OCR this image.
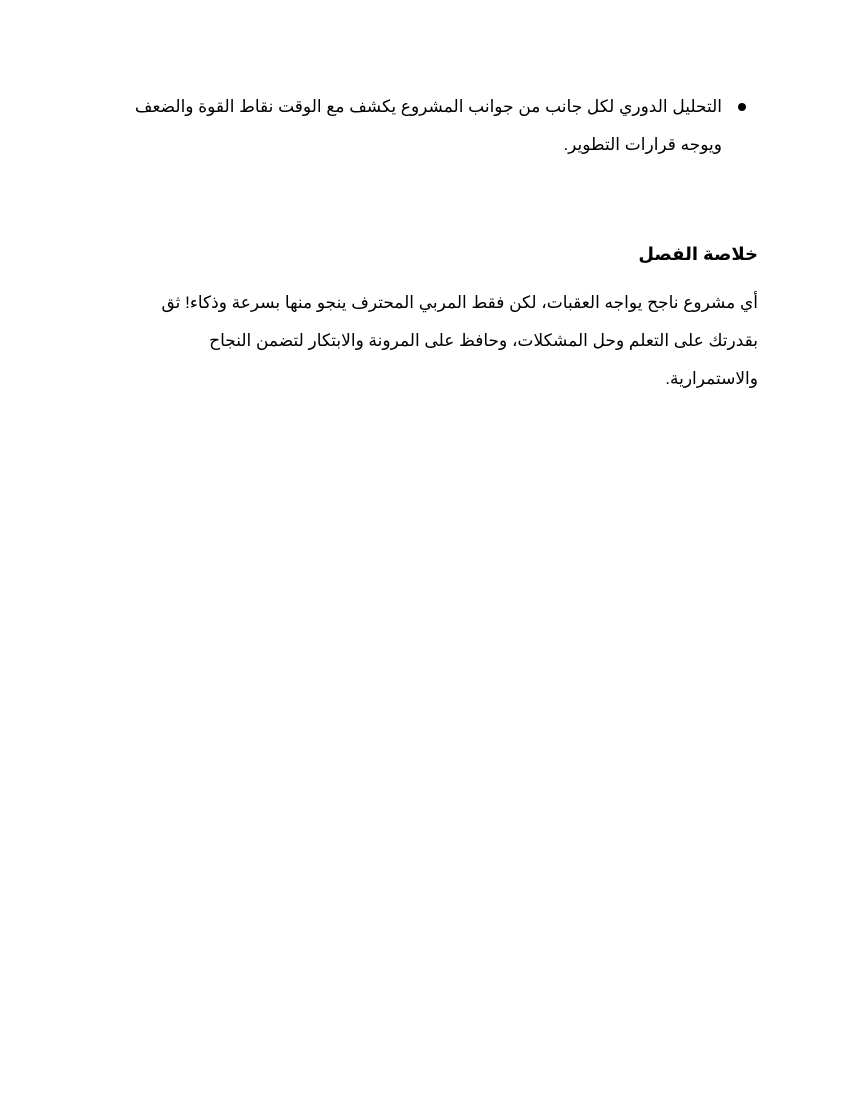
التحليل الدوري لكل جانب من جوانب المشروع يكشف مع الوقت نقاط القوة والضعف ويوجه قرارات التطوير.
خلاصة الفصل

أي مشروع ناجح يواجه العقبات، لكن فقط المربي المحترف ينجو منها بسرعة وذكاء! ثق بقدرتك على التعلم وحل المشكلات، وحافظ على المرونة والابتكار لتضمن النجاح والاستمرارية.
